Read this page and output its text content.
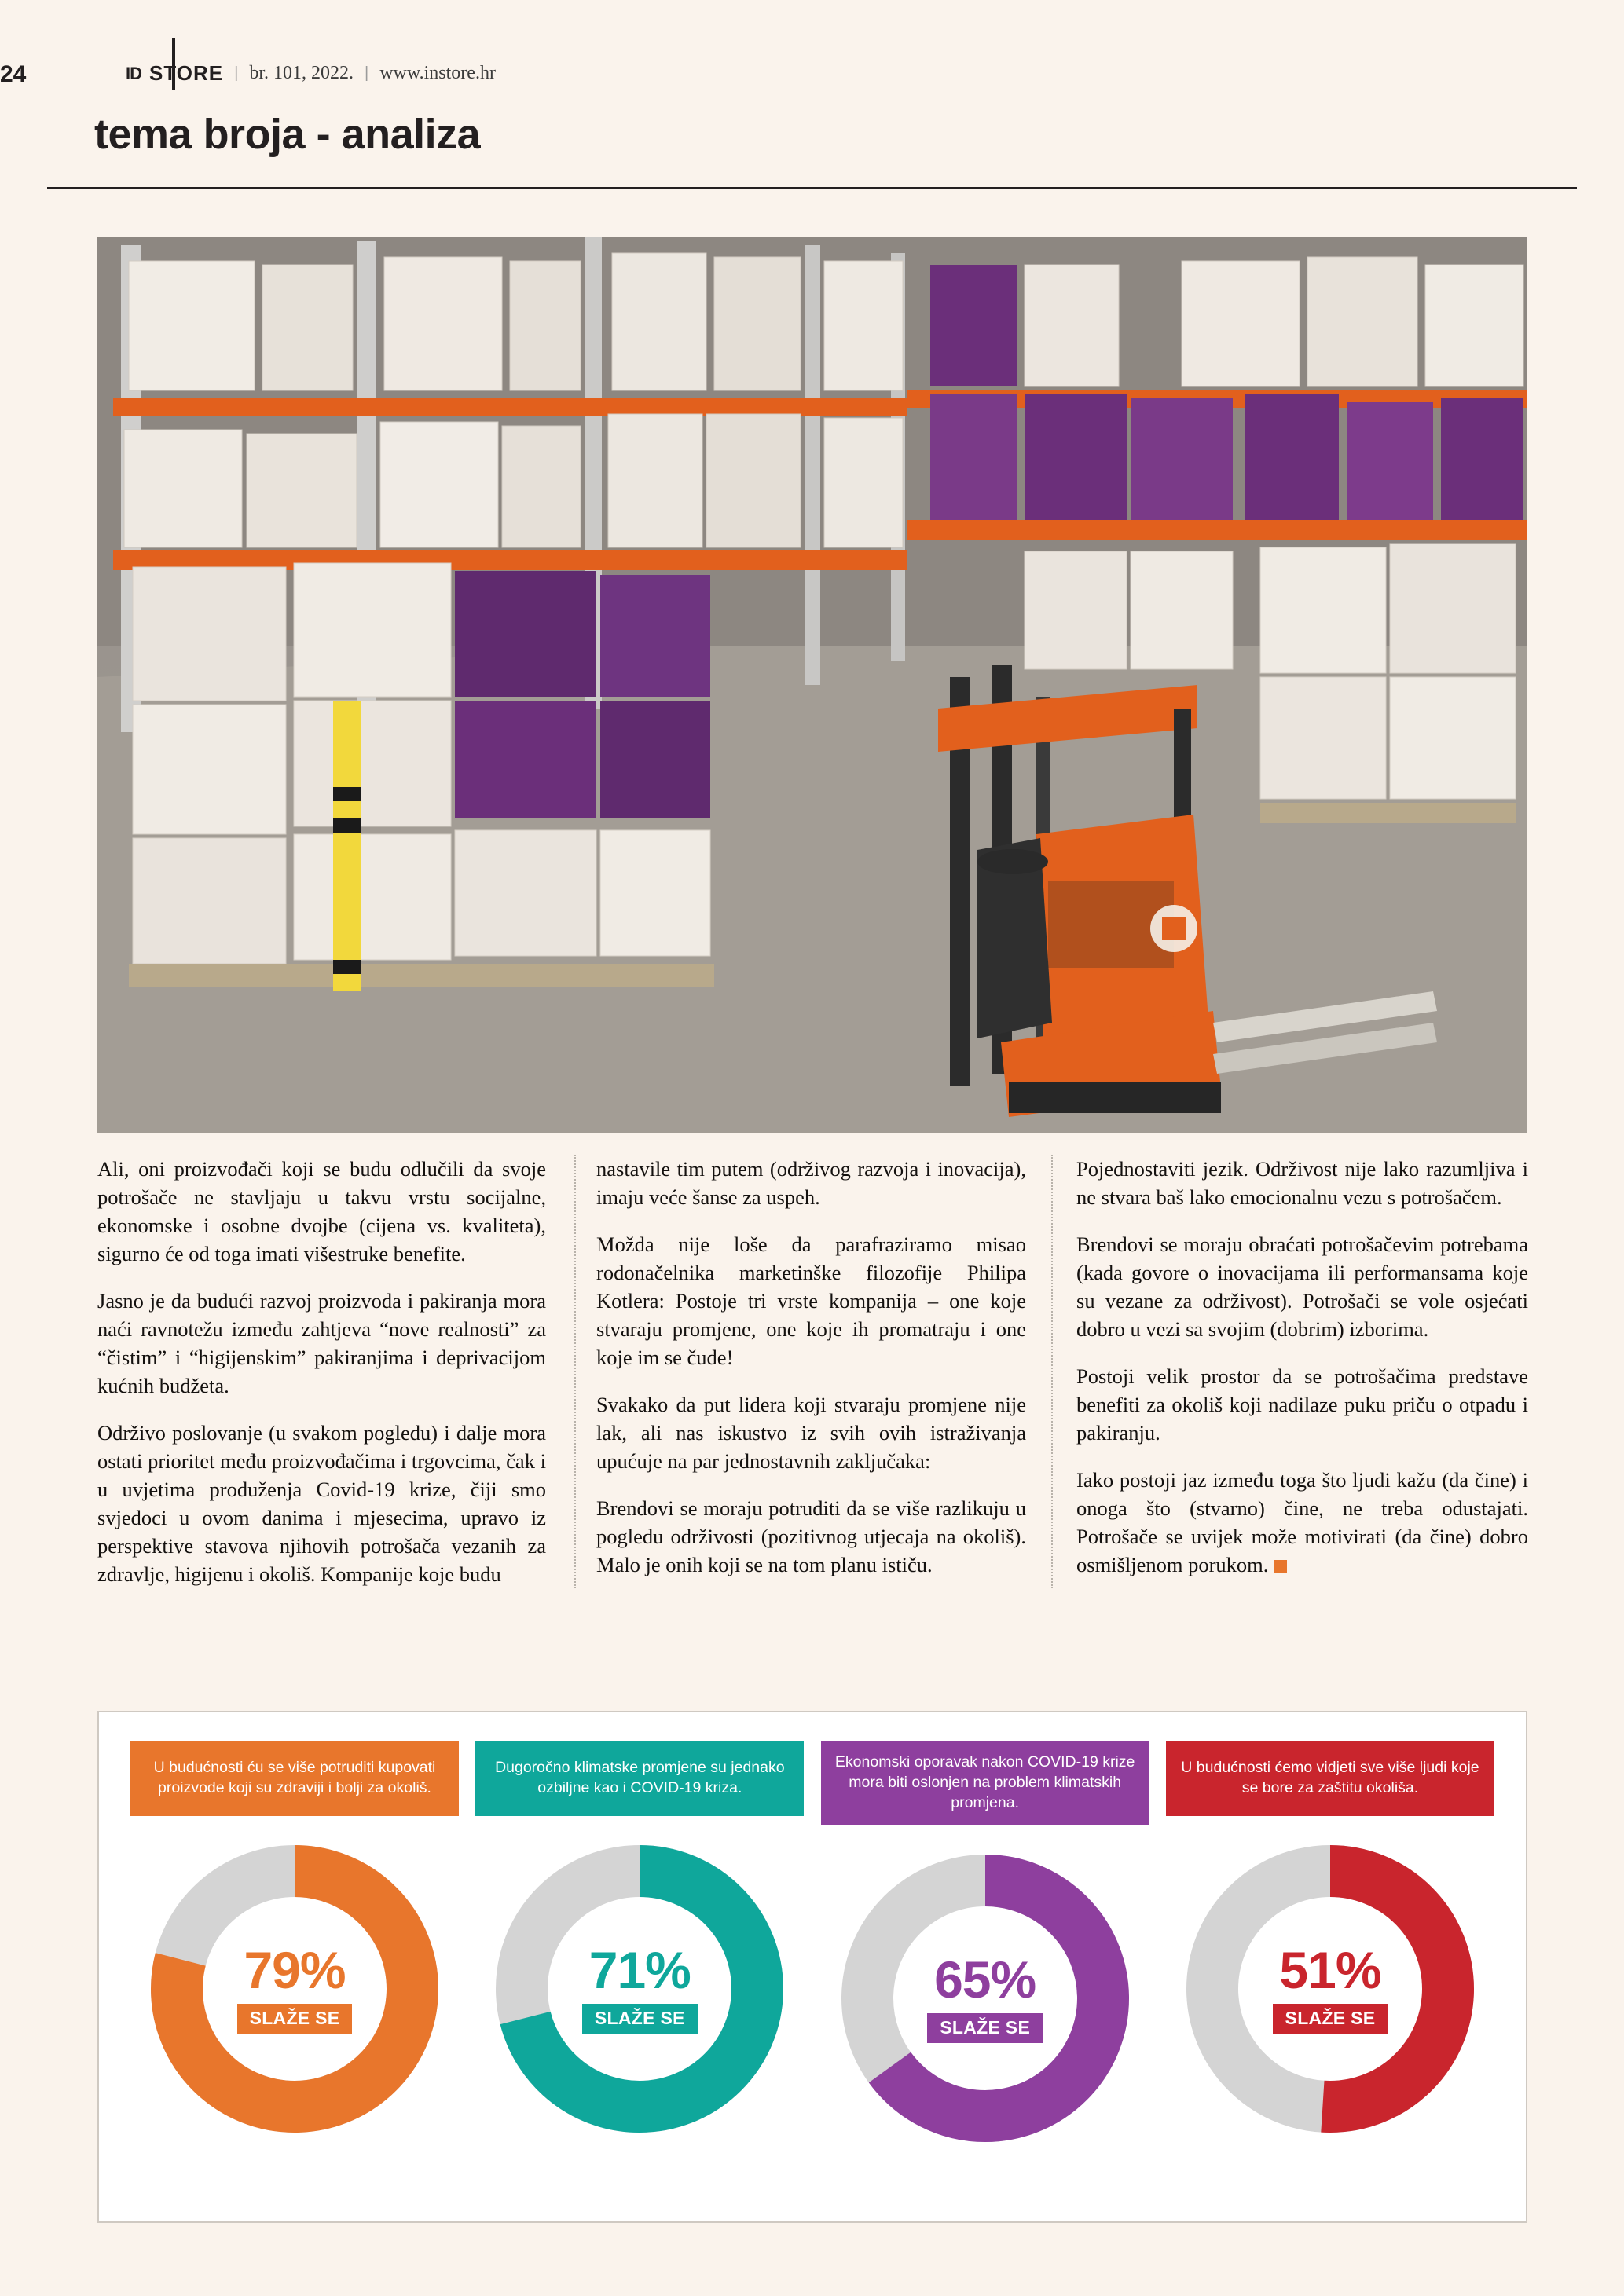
24	ID STORE | br. 101, 2022. | www.instore.hr
tema broja - analiza

Ali, oni proizvođači koji se budu odlučili da svoje potrošače ne stavljaju u takvu vrstu socijalne, ekonomske i osobne dvojbe (cijena vs. kvaliteta), sigurno će od toga imati višestruke benefite.

Jasno je da budući razvoj proizvoda i pakiranja mora naći ravnotežu između zahtjeva “nove realnosti” za “čistim” i “higijenskim” pakiranjima i deprivacijom kućnih budžeta.

Održivo poslovanje (u svakom pogledu) i dalje mora ostati prioritet među proizvođačima i trgovcima, čak i u uvjetima produženja Covid-19 krize, čiji smo svjedoci u ovom danima i mjesecima, upravo iz perspektive stavova njihovih potrošača vezanih za zdravlje, higijenu i okoliš. Kompanije koje budu

nastavile tim putem (održivog razvoja i inovacija), imaju veće šanse za uspeh.

Možda nije loše da parafraziramo misao rodonačelnika marketinške filozofije Philipa Kotlera: Postoje tri vrste kompanija – one koje stvaraju promjene, one koje ih promatraju i one koje im se čude!

Svakako da put lidera koji stvaraju promjene nije lak, ali nas iskustvo iz svih ovih istraživanja upućuje na par jednostavnih zaključaka:

Brendovi se moraju potruditi da se više razlikuju u pogledu održivosti (pozitivnog utjecaja na okoliš). Malo je onih koji se na tom planu ističu.

Pojednostaviti jezik. Održivost nije lako razumljiva i ne stvara baš lako emocionalnu vezu s potrošačem.

Brendovi se moraju obraćati potrošačevim potrebama (kada govore o inovacijama ili performansama koje su vezane za održivost). Potrošači se vole osjećati dobro u vezi sa svojim (dobrim) izborima.

Postoji velik prostor da se potrošačima predstave benefiti za okoliš koji nadilaze puku priču o otpadu i pakiranju.

Iako postoji jaz između toga što ljudi kažu (da čine) i onoga što (stvarno) čine, ne treba odustajati. Potrošače se uvijek može motivirati (da čine) dobro osmišljenom porukom.

U budućnosti ću se više potruditi kupovati proizvode koji su zdraviji i bolji za okoliš.
79%
SLAŽE SE
Dugoročno klimatske promjene su jednako ozbiljne kao i COVID-19 kriza.
71%
SLAŽE SE
Ekonomski oporavak nakon COVID-19 krize mora biti oslonjen na problem klimatskih promjena.
65%
SLAŽE SE
U budućnosti ćemo vidjeti sve više ljudi koje se bore za zaštitu okoliša.
51%
SLAŽE SE
